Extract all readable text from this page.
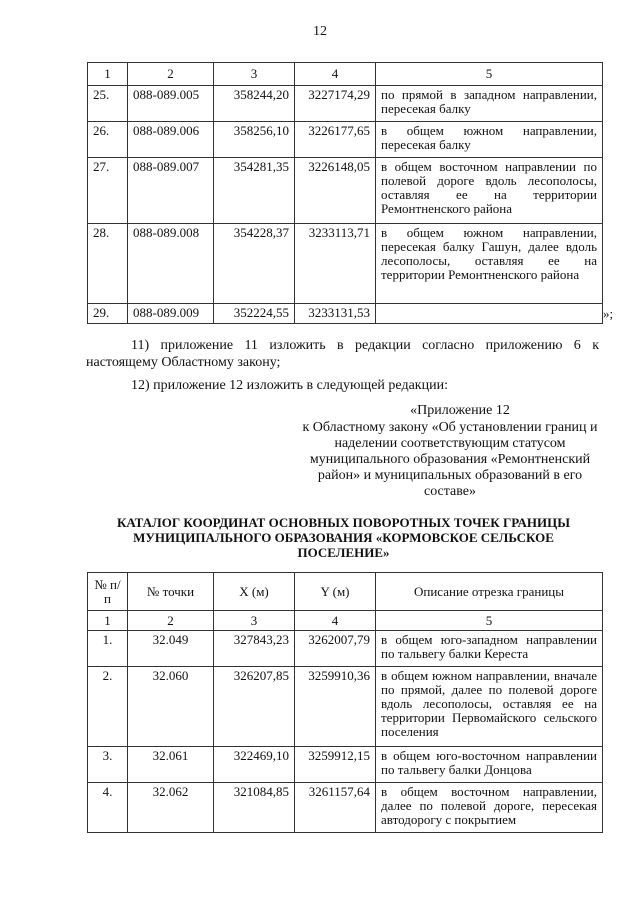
12
1	2	3	4	5
25.	088-089.005	358244,20	3227174,29	по прямой в западном направлении, пересекая балку
26.	088-089.006	358256,10	3226177,65	в общем южном направлении, пересекая балку
27.	088-089.007	354281,35	3226148,05	в общем восточном направлении по полевой дороге вдоль лесополосы, оставляя ее на территории Ремонтненского района
28.	088-089.008	354228,37	3233113,71	в общем южном направлении, пересекая балку Гашун, далее вдоль лесополосы, оставляя ее на территории Ремонтненского района
29.	088-089.009	352224,55	3233131,53		»;
11) приложение 11 изложить в редакции согласно приложению 6 к настоящему Областному закону;
12) приложение 12 изложить в следующей редакции:
«Приложение 12
к Областному закону «Об установлении границ и наделении соответствующим статусом муниципального образования «Ремонтненский район» и муниципальных образований в его составе»
КАТАЛОГ КООРДИНАТ ОСНОВНЫХ ПОВОРОТНЫХ ТОЧЕК ГРАНИЦЫ МУНИЦИПАЛЬНОГО ОБРАЗОВАНИЯ «КОРМОВСКОЕ СЕЛЬСКОЕ ПОСЕЛЕНИЕ»
№ п/п	№ точки	X (м)	Y (м)	Описание отрезка границы
1	2	3	4	5
1.	32.049	327843,23	3262007,79	в общем юго-западном направлении по тальвегу балки Кереста
2.	32.060	326207,85	3259910,36	в общем южном направлении, вначале по прямой, далее по полевой дороге вдоль лесополосы, оставляя ее на территории Первомайского сельского поселения
3.	32.061	322469,10	3259912,15	в общем юго-восточном направлении по тальвегу балки Донцова
4.	32.062	321084,85	3261157,64	в общем восточном направлении, далее по полевой дороге, пересекая автодорогу с покрытием
